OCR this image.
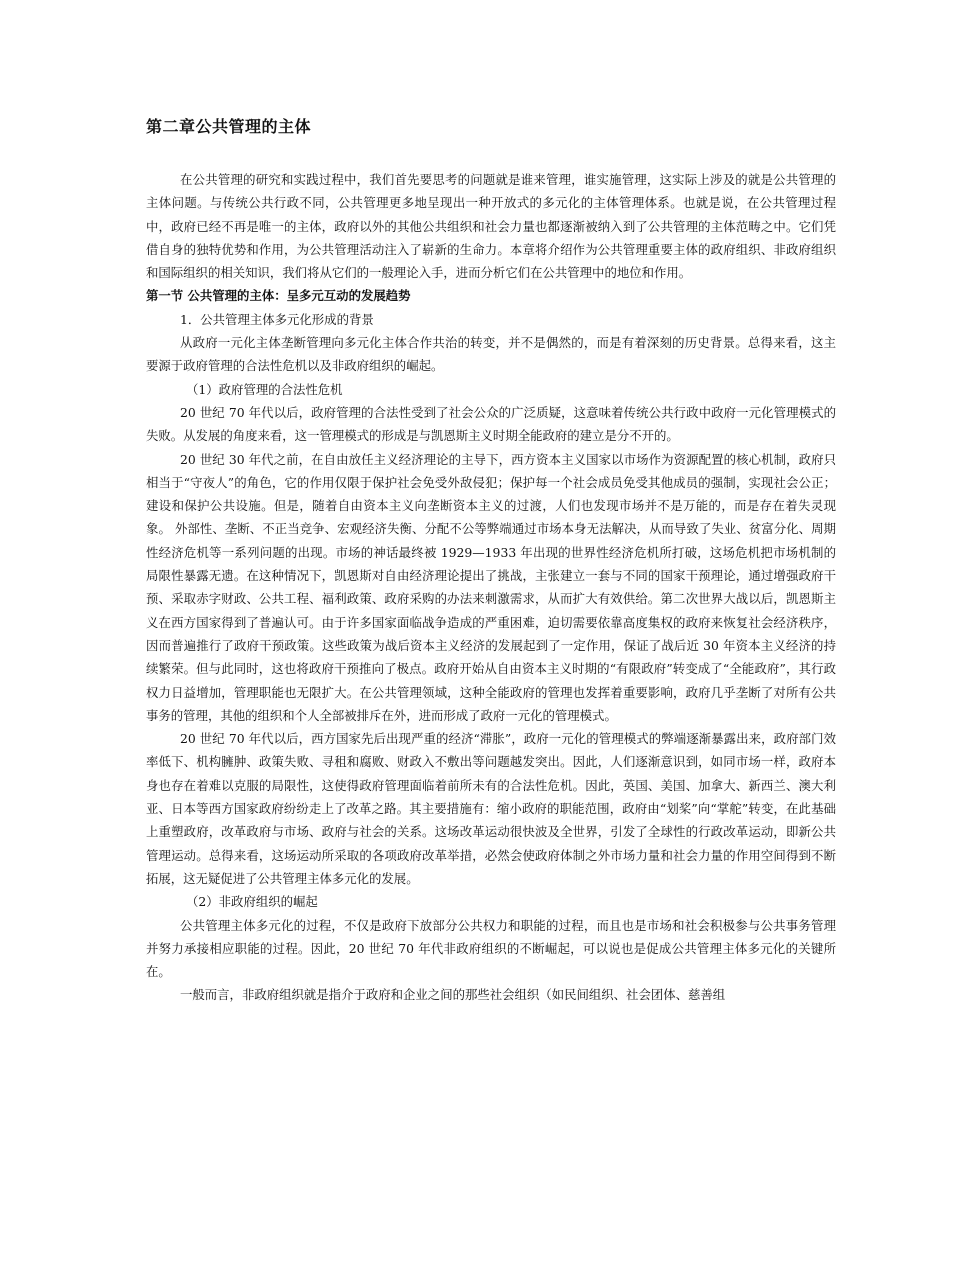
第二章公共管理的主体

在公共管理的研究和实践过程中，我们首先要思考的问题就是谁来管理，谁实施管理，这实际上涉及的就是公共管理的主体问题。与传统公共行政不同，公共管理更多地呈现出一种开放式的多元化的主体管理体系。也就是说，在公共管理过程中，政府已经不再是唯一的主体，政府以外的其他公共组织和社会力量也都逐渐被纳入到了公共管理的主体范畴之中。它们凭借自身的独特优势和作用，为公共管理活动注入了崭新的生命力。本章将介绍作为公共管理重要主体的政府组织、非政府组织和国际组织的相关知识，我们将从它们的一般理论入手，进而分析它们在公共管理中的地位和作用。

第一节 公共管理的主体：呈多元互动的发展趋势

1．公共管理主体多元化形成的背景

从政府一元化主体垄断管理向多元化主体合作共治的转变，并不是偶然的，而是有着深刻的历史背景。总得来看，这主要源于政府管理的合法性危机以及非政府组织的崛起。

（1）政府管理的合法性危机

20 世纪 70 年代以后，政府管理的合法性受到了社会公众的广泛质疑，这意味着传统公共行政中政府一元化管理模式的失败。从发展的角度来看，这一管理模式的形成是与凯恩斯主义时期全能政府的建立是分不开的。

20 世纪 30 年代之前，在自由放任主义经济理论的主导下，西方资本主义国家以市场作为资源配置的核心机制，政府只相当于“守夜人”的角色，它的作用仅限于保护社会免受外敌侵犯；保护每一个社会成员免受其他成员的强制，实现社会公正；建设和保护公共设施。但是，随着自由资本主义向垄断资本主义的过渡，人们也发现市场并不是万能的，而是存在着失灵现象。 外部性、垄断、不正当竞争、宏观经济失衡、分配不公等弊端通过市场本身无法解决，从而导致了失业、贫富分化、周期性经济危机等一系列问题的出现。市场的神话最终被 1929—1933 年出现的世界性经济危机所打破，这场危机把市场机制的局限性暴露无遗。在这种情况下，凯恩斯对自由经济理论提出了挑战，主张建立一套与不同的国家干预理论，通过增强政府干预、采取赤字财政、公共工程、福利政策、政府采购的办法来刺激需求，从而扩大有效供给。第二次世界大战以后，凯恩斯主义在西方国家得到了普遍认可。由于许多国家面临战争造成的严重困难，迫切需要依靠高度集权的政府来恢复社会经济秩序，因而普遍推行了政府干预政策。这些政策为战后资本主义经济的发展起到了一定作用，保证了战后近 30 年资本主义经济的持续繁荣。但与此同时，这也将政府干预推向了极点。政府开始从自由资本主义时期的“有限政府”转变成了“全能政府”，其行政权力日益增加，管理职能也无限扩大。在公共管理领域，这种全能政府的管理也发挥着重要影响，政府几乎垄断了对所有公共事务的管理，其他的组织和个人全部被排斥在外，进而形成了政府一元化的管理模式。

20 世纪 70 年代以后，西方国家先后出现严重的经济“滞胀”，政府一元化的管理模式的弊端逐渐暴露出来，政府部门效率低下、机构臃肿、政策失败、寻租和腐败、财政入不敷出等问题越发突出。因此，人们逐渐意识到，如同市场一样，政府本身也存在着难以克服的局限性，这使得政府管理面临着前所未有的合法性危机。因此，英国、美国、加拿大、新西兰、澳大利亚、日本等西方国家政府纷纷走上了改革之路。其主要措施有：缩小政府的职能范围，政府由“划桨”向“掌舵”转变，在此基础上重塑政府，改革政府与市场、政府与社会的关系。这场改革运动很快波及全世界，引发了全球性的行政改革运动，即新公共管理运动。总得来看，这场运动所采取的各项政府改革举措，必然会使政府体制之外市场力量和社会力量的作用空间得到不断拓展，这无疑促进了公共管理主体多元化的发展。

（2）非政府组织的崛起

公共管理主体多元化的过程，不仅是政府下放部分公共权力和职能的过程，而且也是市场和社会积极参与公共事务管理并努力承接相应职能的过程。因此，20 世纪 70 年代非政府组织的不断崛起，可以说也是促成公共管理主体多元化的关键所在。

一般而言，非政府组织就是指介于政府和企业之间的那些社会组织（如民间组织、社会团体、慈善组
